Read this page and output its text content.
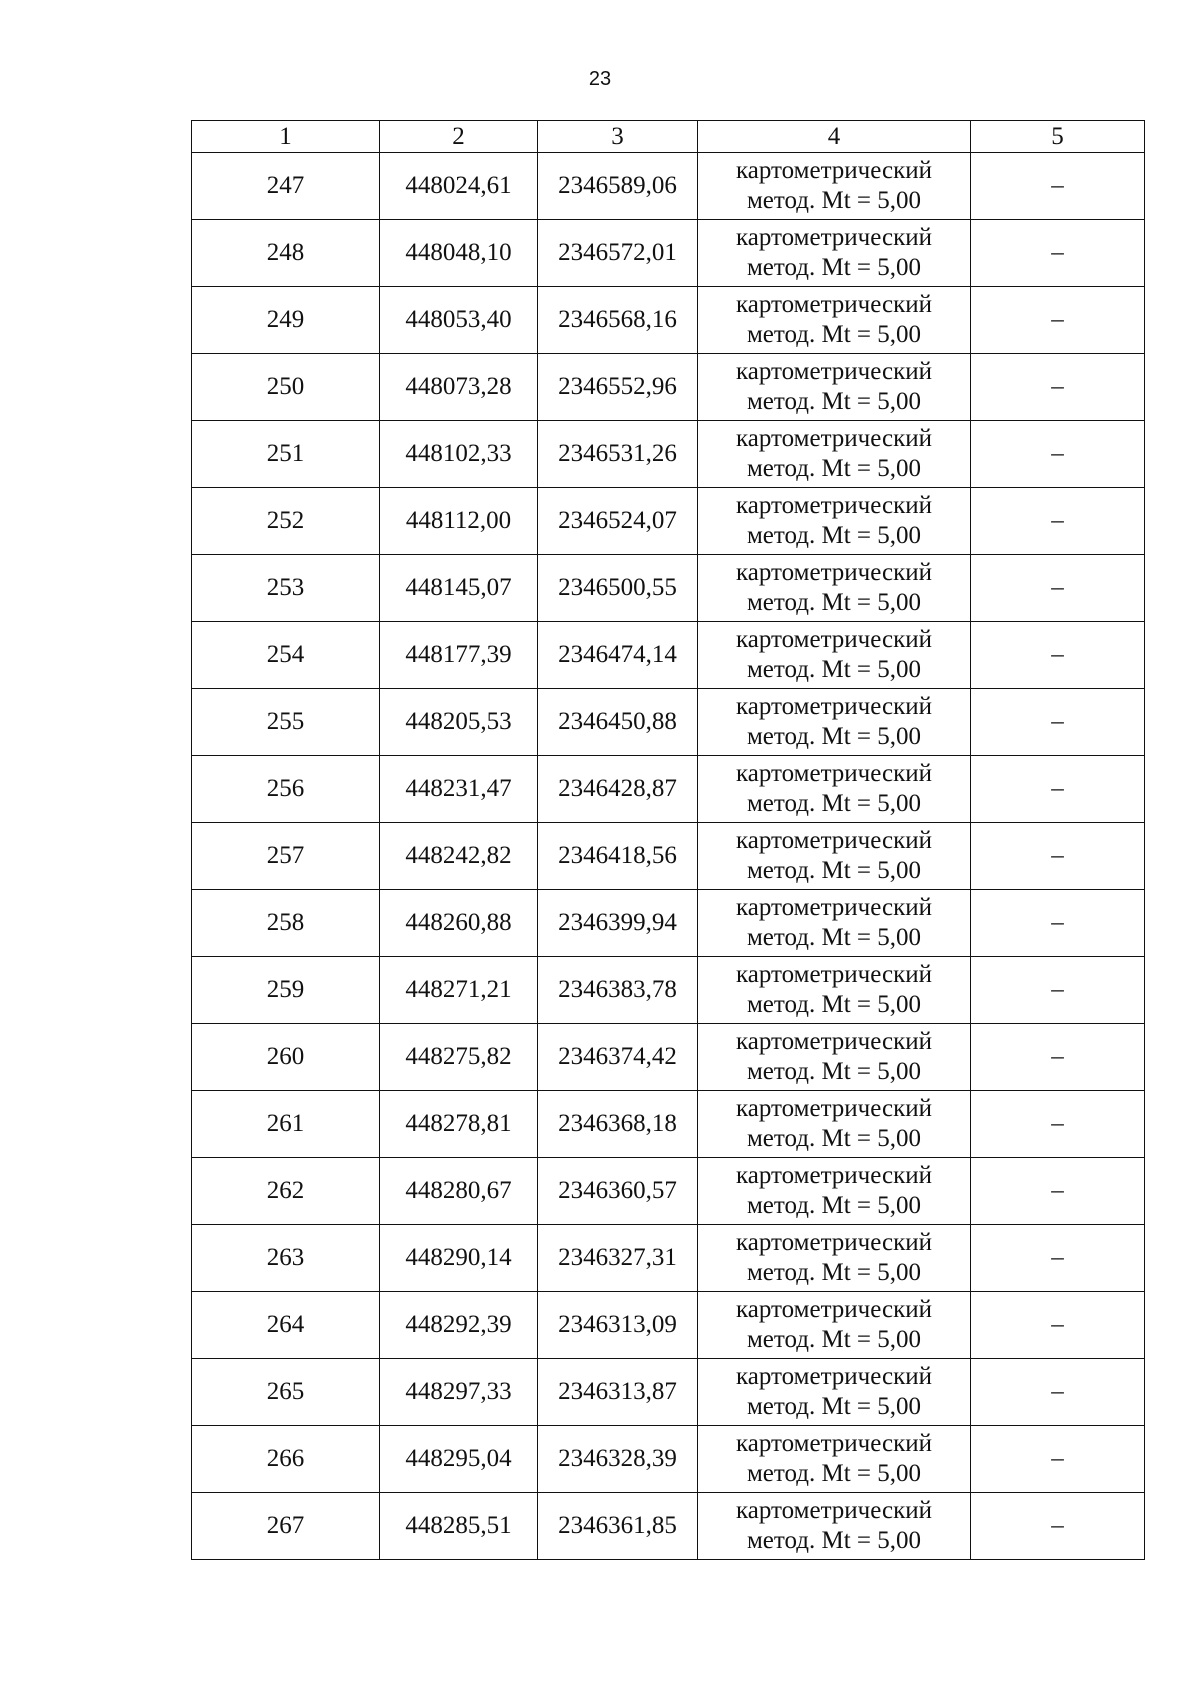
23
1	2	3	4	5
247	448024,61	2346589,06	картометрический
метод. Mt = 5,00	–
248	448048,10	2346572,01	картометрический
метод. Mt = 5,00	–
249	448053,40	2346568,16	картометрический
метод. Mt = 5,00	–
250	448073,28	2346552,96	картометрический
метод. Mt = 5,00	–
251	448102,33	2346531,26	картометрический
метод. Mt = 5,00	–
252	448112,00	2346524,07	картометрический
метод. Mt = 5,00	–
253	448145,07	2346500,55	картометрический
метод. Mt = 5,00	–
254	448177,39	2346474,14	картометрический
метод. Mt = 5,00	–
255	448205,53	2346450,88	картометрический
метод. Mt = 5,00	–
256	448231,47	2346428,87	картометрический
метод. Mt = 5,00	–
257	448242,82	2346418,56	картометрический
метод. Mt = 5,00	–
258	448260,88	2346399,94	картометрический
метод. Mt = 5,00	–
259	448271,21	2346383,78	картометрический
метод. Mt = 5,00	–
260	448275,82	2346374,42	картометрический
метод. Mt = 5,00	–
261	448278,81	2346368,18	картометрический
метод. Mt = 5,00	–
262	448280,67	2346360,57	картометрический
метод. Mt = 5,00	–
263	448290,14	2346327,31	картометрический
метод. Mt = 5,00	–
264	448292,39	2346313,09	картометрический
метод. Mt = 5,00	–
265	448297,33	2346313,87	картометрический
метод. Mt = 5,00	–
266	448295,04	2346328,39	картометрический
метод. Mt = 5,00	–
267	448285,51	2346361,85	картометрический
метод. Mt = 5,00	–
